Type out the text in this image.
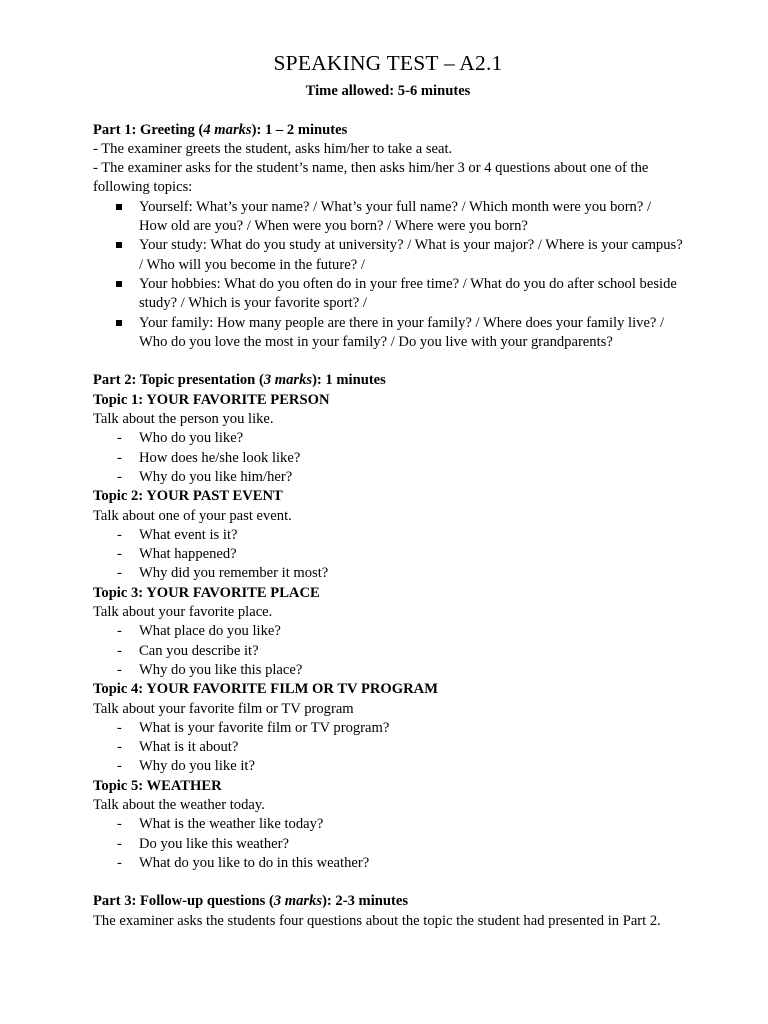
SPEAKING TEST – A2.1

Time allowed: 5-6 minutes

Part 1: Greeting (4 marks): 1 – 2 minutes

- The examiner greets the student, asks him/her to take a seat.

- The examiner asks for the student’s name, then asks him/her 3 or 4 questions about one of the following topics:

Yourself: What’s your name? / What’s your full name? / Which month were you born? / How old are you? / When were you born? / Where were you born?
Your study: What do you study at university? / What is your major? / Where is your campus? / Who will you become in the future? /
Your hobbies: What do you often do in your free time? / What do you do after school beside study? / Which is your favorite sport? /
Your family: How many people are there in your family? / Where does your family live? / Who do you love the most in your family? / Do you live with your grandparents?

Part 2: Topic presentation (3 marks): 1 minutes

Topic 1: YOUR FAVORITE PERSON

Talk about the person you like.

- Who do you like?
- How does he/she look like?
- Why do you like him/her?

Topic 2: YOUR PAST EVENT

Talk about one of your past event.

- What event is it?
- What happened?
- Why did you remember it most?

Topic 3: YOUR FAVORITE PLACE

Talk about your favorite place.

- What place do you like?
- Can you describe it?
- Why do you like this place?

Topic 4: YOUR FAVORITE FILM OR TV PROGRAM

Talk about your favorite film or TV program

- What is your favorite film or TV program?
- What is it about?
- Why do you like it?

Topic 5: WEATHER

Talk about the weather today.

- What is the weather like today?
- Do you like this weather?
- What do you like to do in this weather?

Part 3: Follow-up questions (3 marks): 2-3 minutes

The examiner asks the students four questions about the topic the student had presented in Part 2.
